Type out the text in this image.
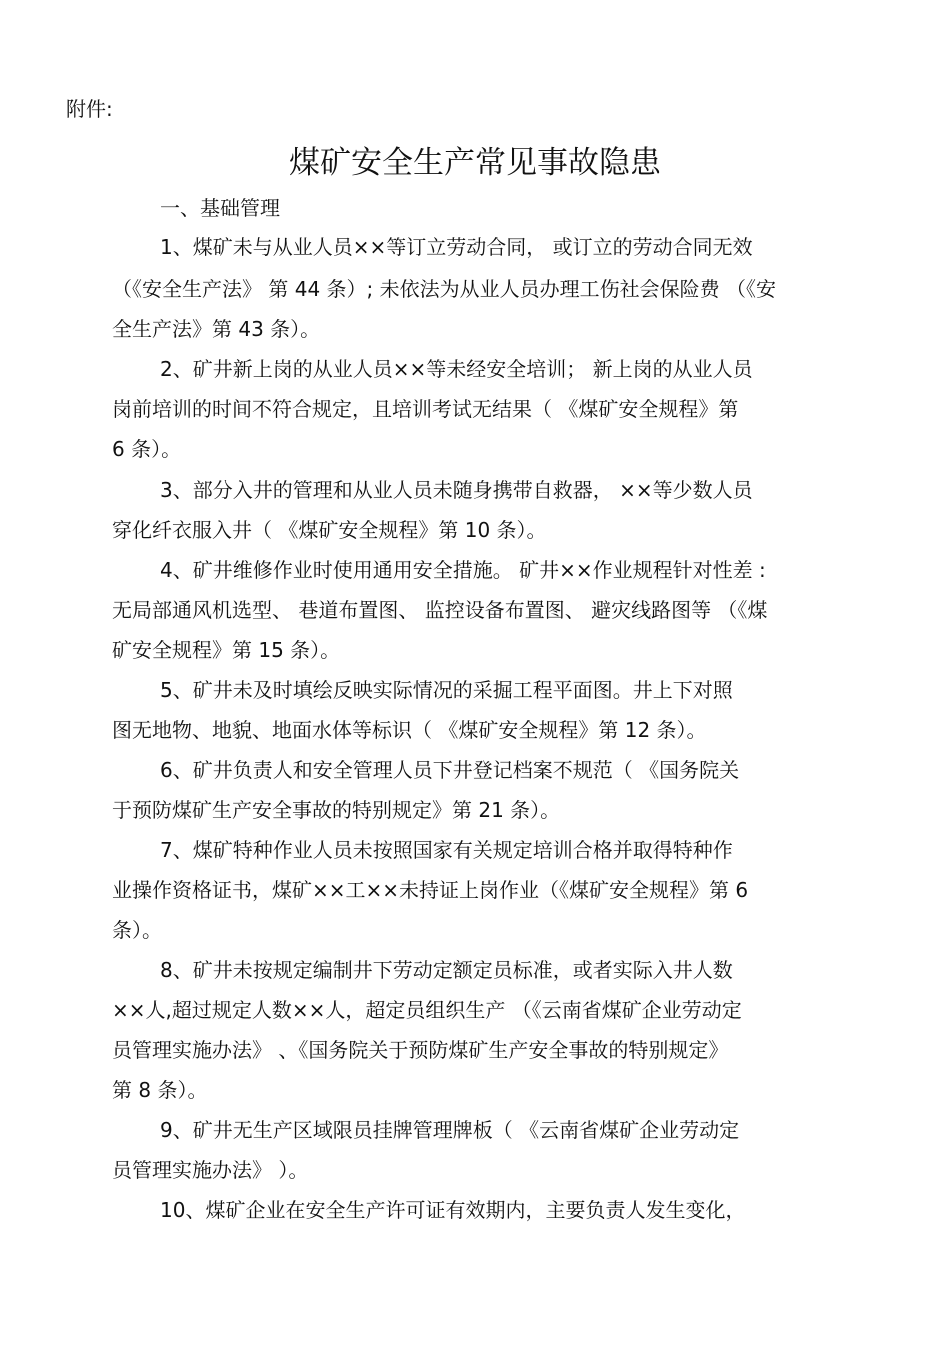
附件:
煤矿安全生产常见事故隐患
一、基础管理
1、煤矿未与从业人员××等订立劳动合同， 或订立的劳动合同无效
（《安全生产法》 第 44 条）; 未依法为从业人员办理工伤社会保险费 （《安
全生产法》第 43 条）。
2、矿井新上岗的从业人员××等未经安全培训； 新上岗的从业人员
岗前培训的时间不符合规定，且培训考试无结果（ 《煤矿安全规程》第
6 条）。
3、部分入井的管理和从业人员未随身携带自救器， ××等少数人员
穿化纤衣服入井（ 《煤矿安全规程》第 10 条）。
4、矿井维修作业时使用通用安全措施。 矿井××作业规程针对性差 :
无局部通风机选型、 巷道布置图、 监控设备布置图、 避灾线路图等 （《煤
矿安全规程》第 15 条）。
5、矿井未及时填绘反映实际情况的采掘工程平面图。井上下对照
图无地物、地貌、地面水体等标识（ 《煤矿安全规程》第 12 条）。
6、矿井负责人和安全管理人员下井登记档案不规范（ 《国务院关
于预防煤矿生产安全事故的特别规定》第 21 条）。
7、煤矿特种作业人员未按照国家有关规定培训合格并取得特种作
业操作资格证书，煤矿××工××未持证上岗作业（《煤矿安全规程》第 6
条）。
8、矿井未按规定编制井下劳动定额定员标准，或者实际入井人数
××人,超过规定人数××人，超定员组织生产 （《云南省煤矿企业劳动定
员管理实施办法》 、《国务院关于预防煤矿生产安全事故的特别规定》
第 8 条）。
9、矿井无生产区域限员挂牌管理牌板（ 《云南省煤矿企业劳动定
员管理实施办法》 ）。
10、煤矿企业在安全生产许可证有效期内，主要负责人发生变化，
